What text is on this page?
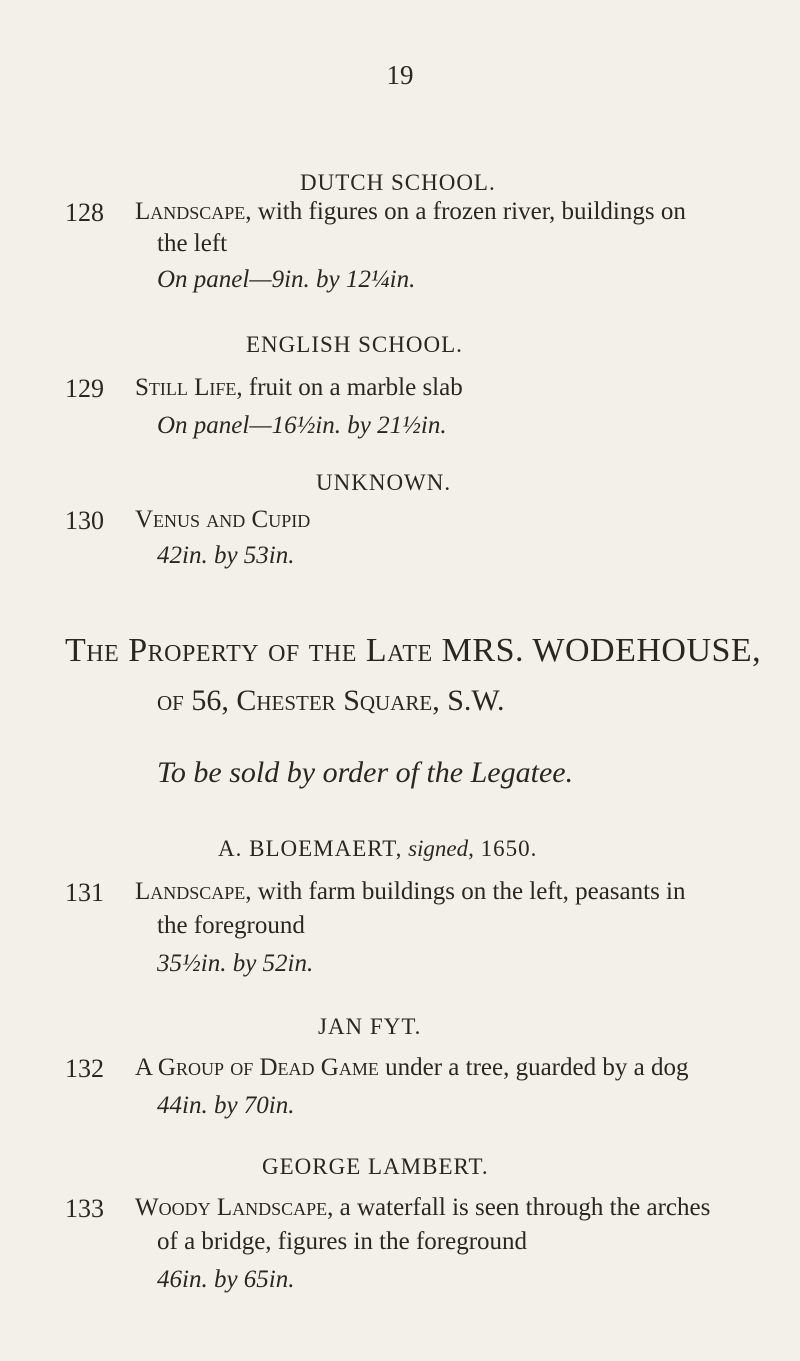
19
DUTCH SCHOOL.
128 Landscape, with figures on a frozen river, buildings on
the left
On panel—9in. by 12¼in.
ENGLISH SCHOOL.
129 Still Life, fruit on a marble slab
On panel—16½in. by 21½in.
UNKNOWN.
130 Venus and Cupid
42in. by 53in.
The Property of the Late MRS. WODEHOUSE,
of 56, Chester Square, S.W.
To be sold by order of the Legatee.
A. BLOEMAERT, signed, 1650.
131 Landscape, with farm buildings on the left, peasants in
the foreground
35½in. by 52in.
JAN FYT.
132 A Group of Dead Game under a tree, guarded by a dog
44in. by 70in.
GEORGE LAMBERT.
133 Woody Landscape, a waterfall is seen through the arches
of a bridge, figures in the foreground
46in. by 65in.
